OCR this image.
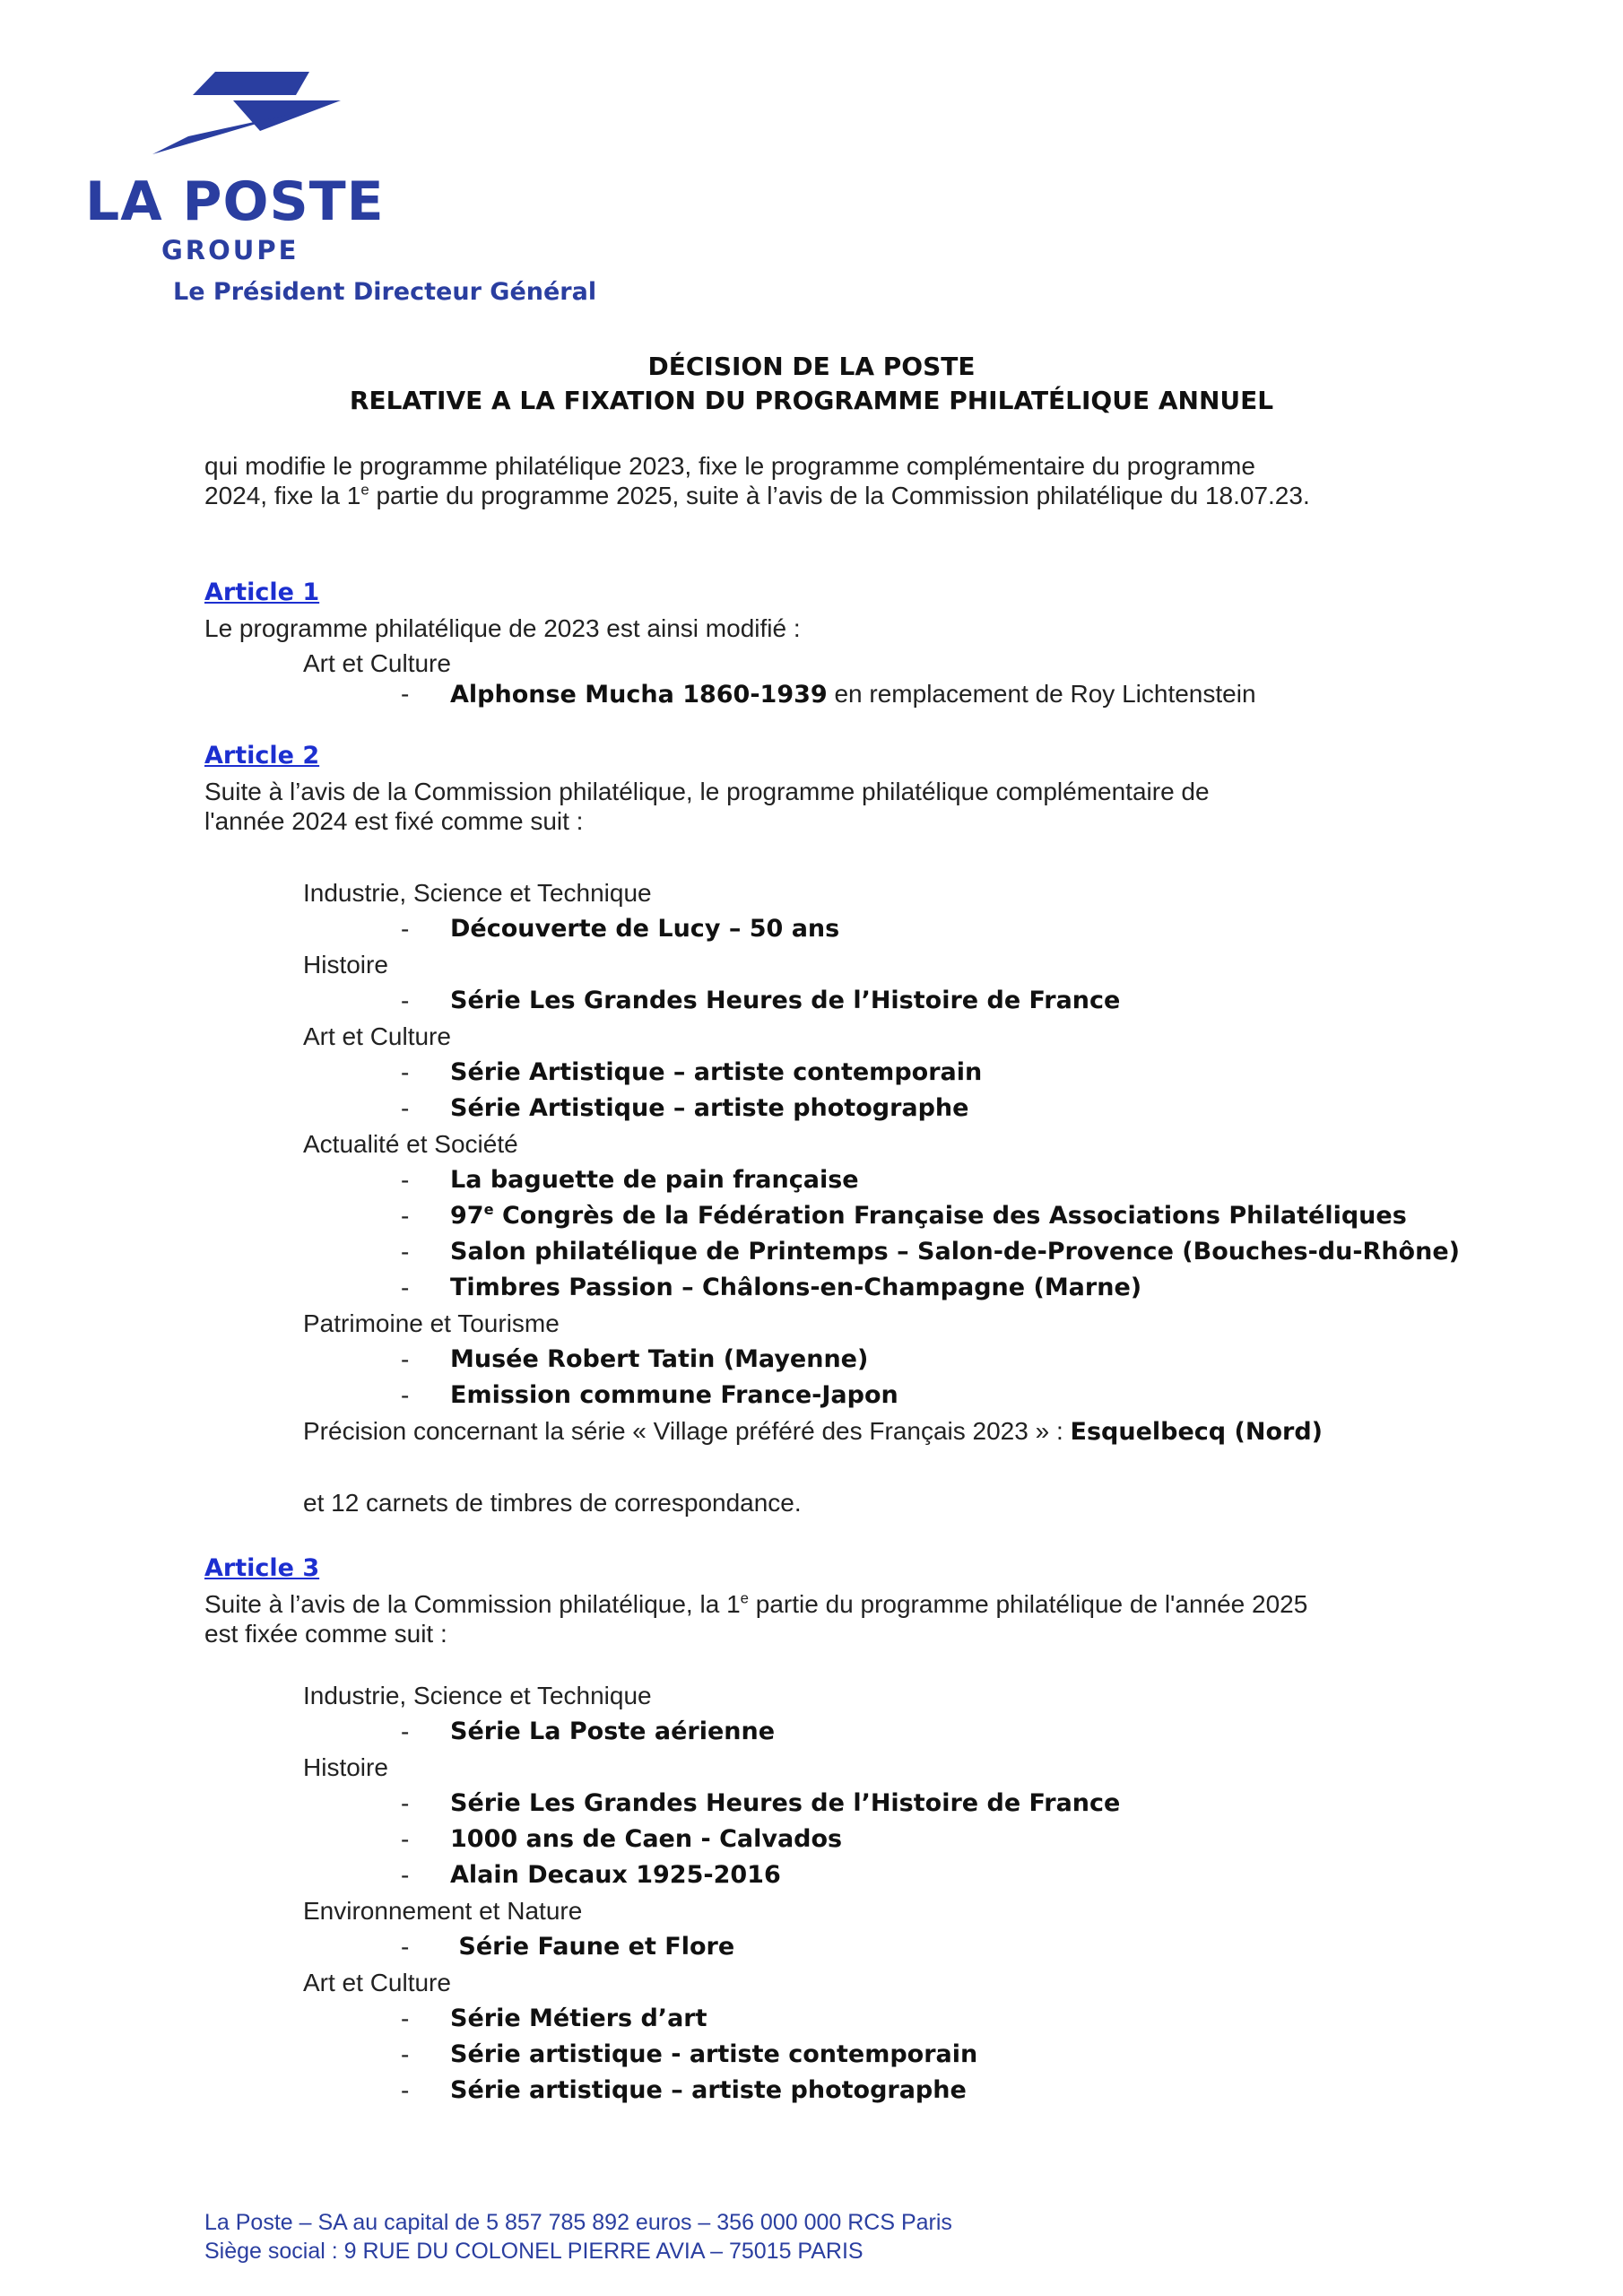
LA POSTE
GROUPE
Le Président Directeur Général
DÉCISION DE LA POSTE
RELATIVE A LA FIXATION DU PROGRAMME PHILATÉLIQUE ANNUEL
qui modifie le programme philatélique 2023, fixe le programme complémentaire du programme
2024, fixe la 1e partie du programme 2025, suite à l’avis de la Commission philatélique du 18.07.23.
Article 1
Le programme philatélique de 2023 est ainsi modifié :
Art et Culture
- Alphonse Mucha 1860-1939 en remplacement de Roy Lichtenstein
Article 2
Suite à l’avis de la Commission philatélique, le programme philatélique complémentaire de
l'année 2024 est fixé comme suit :
Industrie, Science et Technique
- Découverte de Lucy – 50 ans
Histoire
- Série Les Grandes Heures de l’Histoire de France
Art et Culture
- Série Artistique – artiste contemporain
- Série Artistique – artiste photographe
Actualité et Société
- La baguette de pain française
- 97e Congrès de la Fédération Française des Associations Philatéliques
- Salon philatélique de Printemps – Salon-de-Provence (Bouches-du-Rhône)
- Timbres Passion – Châlons-en-Champagne (Marne)
Patrimoine et Tourisme
- Musée Robert Tatin (Mayenne)
- Emission commune France-Japon
Précision concernant la série « Village préféré des Français 2023 » : Esquelbecq (Nord)
et 12 carnets de timbres de correspondance.
Article 3
Suite à l’avis de la Commission philatélique, la 1e partie du programme philatélique de l'année 2025
est fixée comme suit :
Industrie, Science et Technique
- Série La Poste aérienne
Histoire
- Série Les Grandes Heures de l’Histoire de France
- 1000 ans de Caen - Calvados
- Alain Decaux 1925-2016
Environnement et Nature
- Série Faune et Flore
Art et Culture
- Série Métiers d’art
- Série artistique - artiste contemporain
- Série artistique – artiste photographe
La Poste – SA au capital de 5 857 785 892 euros – 356 000 000 RCS Paris
Siège social : 9 RUE DU COLONEL PIERRE AVIA – 75015 PARIS
